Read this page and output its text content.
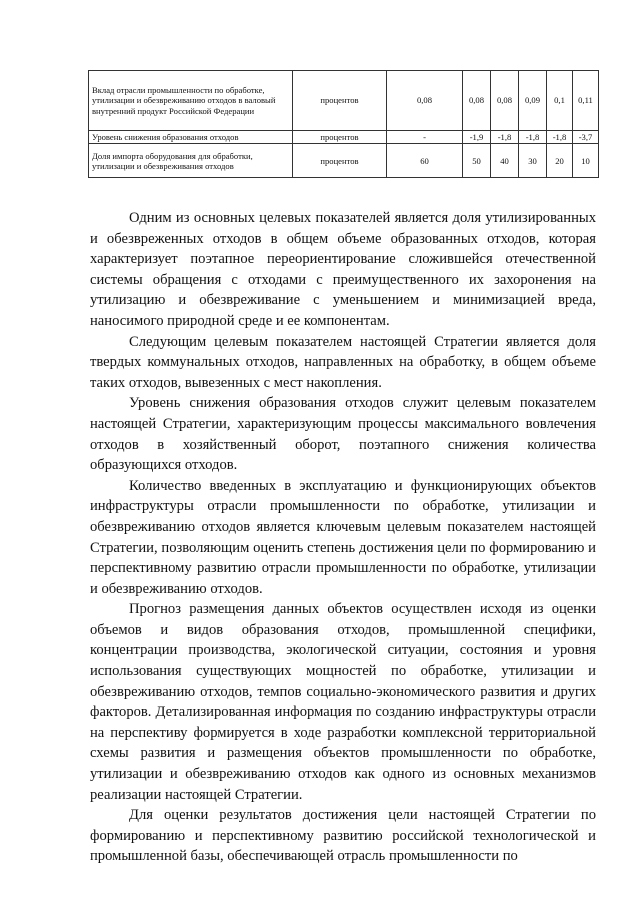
Вклад отрасли промышленности по обработке, утилизации и обезвреживанию отходов в валовый внутренний продукт Российской Федерации	процентов	0,08	0,08	0,08	0,09	0,1	0,11
Уровень снижения образования отходов	процентов	-	-1,9	-1,8	-1,8	-1,8	-3,7
Доля импорта оборудования для обработки, утилизации и обезвреживания отходов	процентов	60	50	40	30	20	10

Одним из основных целевых показателей является доля утилизированных и обезвреженных отходов в общем объеме образованных отходов, которая характеризует поэтапное переориентирование сложившейся отечественной системы обращения с отходами с преимущественного их захоронения на утилизацию и обезвреживание с уменьшением и минимизацией вреда, наносимого природной среде и ее компонентам.

Следующим целевым показателем настоящей Стратегии является доля твердых коммунальных отходов, направленных на обработку, в общем объеме таких отходов, вывезенных с мест накопления.

Уровень снижения образования отходов служит целевым показателем настоящей Стратегии, характеризующим процессы максимального вовлечения отходов в хозяйственный оборот, поэтапного снижения количества образующихся отходов.

Количество введенных в эксплуатацию и функционирующих объектов инфраструктуры отрасли промышленности по обработке, утилизации и обезвреживанию отходов является ключевым целевым показателем настоящей Стратегии, позволяющим оценить степень достижения цели по формированию и перспективному развитию отрасли промышленности по обработке, утилизации и обезвреживанию отходов.

Прогноз размещения данных объектов осуществлен исходя из оценки объемов и видов образования отходов, промышленной специфики, концентрации производства, экологической ситуации, состояния и уровня использования существующих мощностей по обработке, утилизации и обезвреживанию отходов, темпов социально-экономического развития и других факторов. Детализированная информация по созданию инфраструктуры отрасли на перспективу формируется в ходе разработки комплексной территориальной схемы развития и размещения объектов промышленности по обработке, утилизации и обезвреживанию отходов как одного из основных механизмов реализации настоящей Стратегии.

Для оценки результатов достижения цели настоящей Стратегии по формированию и перспективному развитию российской технологической и промышленной базы, обеспечивающей отрасль промышленности по
